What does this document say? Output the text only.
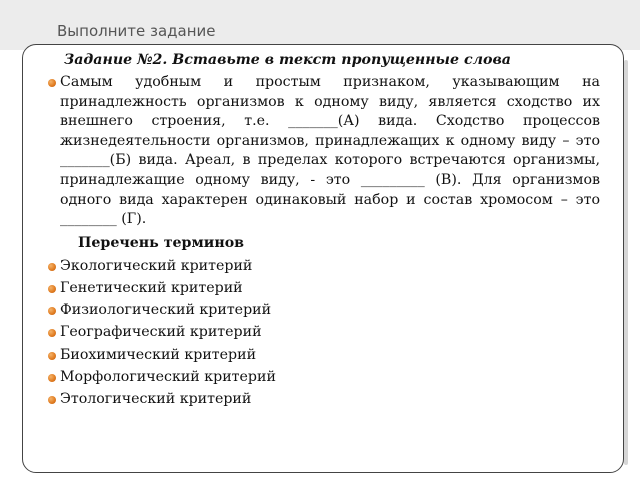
Выполните задание
Задание №2. Вставьте в текст пропущенные слова
Самым удобным и простым признаком, указывающим на принадлежность организмов к одному виду, является сходство их внешнего строения, т.е. _______(А) вида. Сходство процессов жизнедеятельности организмов, принадлежащих к одному виду – это _______(Б) вида. Ареал, в пределах которого встречаются организмы, принадлежащие одному виду, - это _________ (В). Для организмов одного вида характерен одинаковый набор и состав хромосом – это ________ (Г).
Перечень терминов
Экологический критерий
Генетический критерий
Физиологический критерий
Географический критерий
Биохимический критерий
Морфологический критерий
Этологический критерий
